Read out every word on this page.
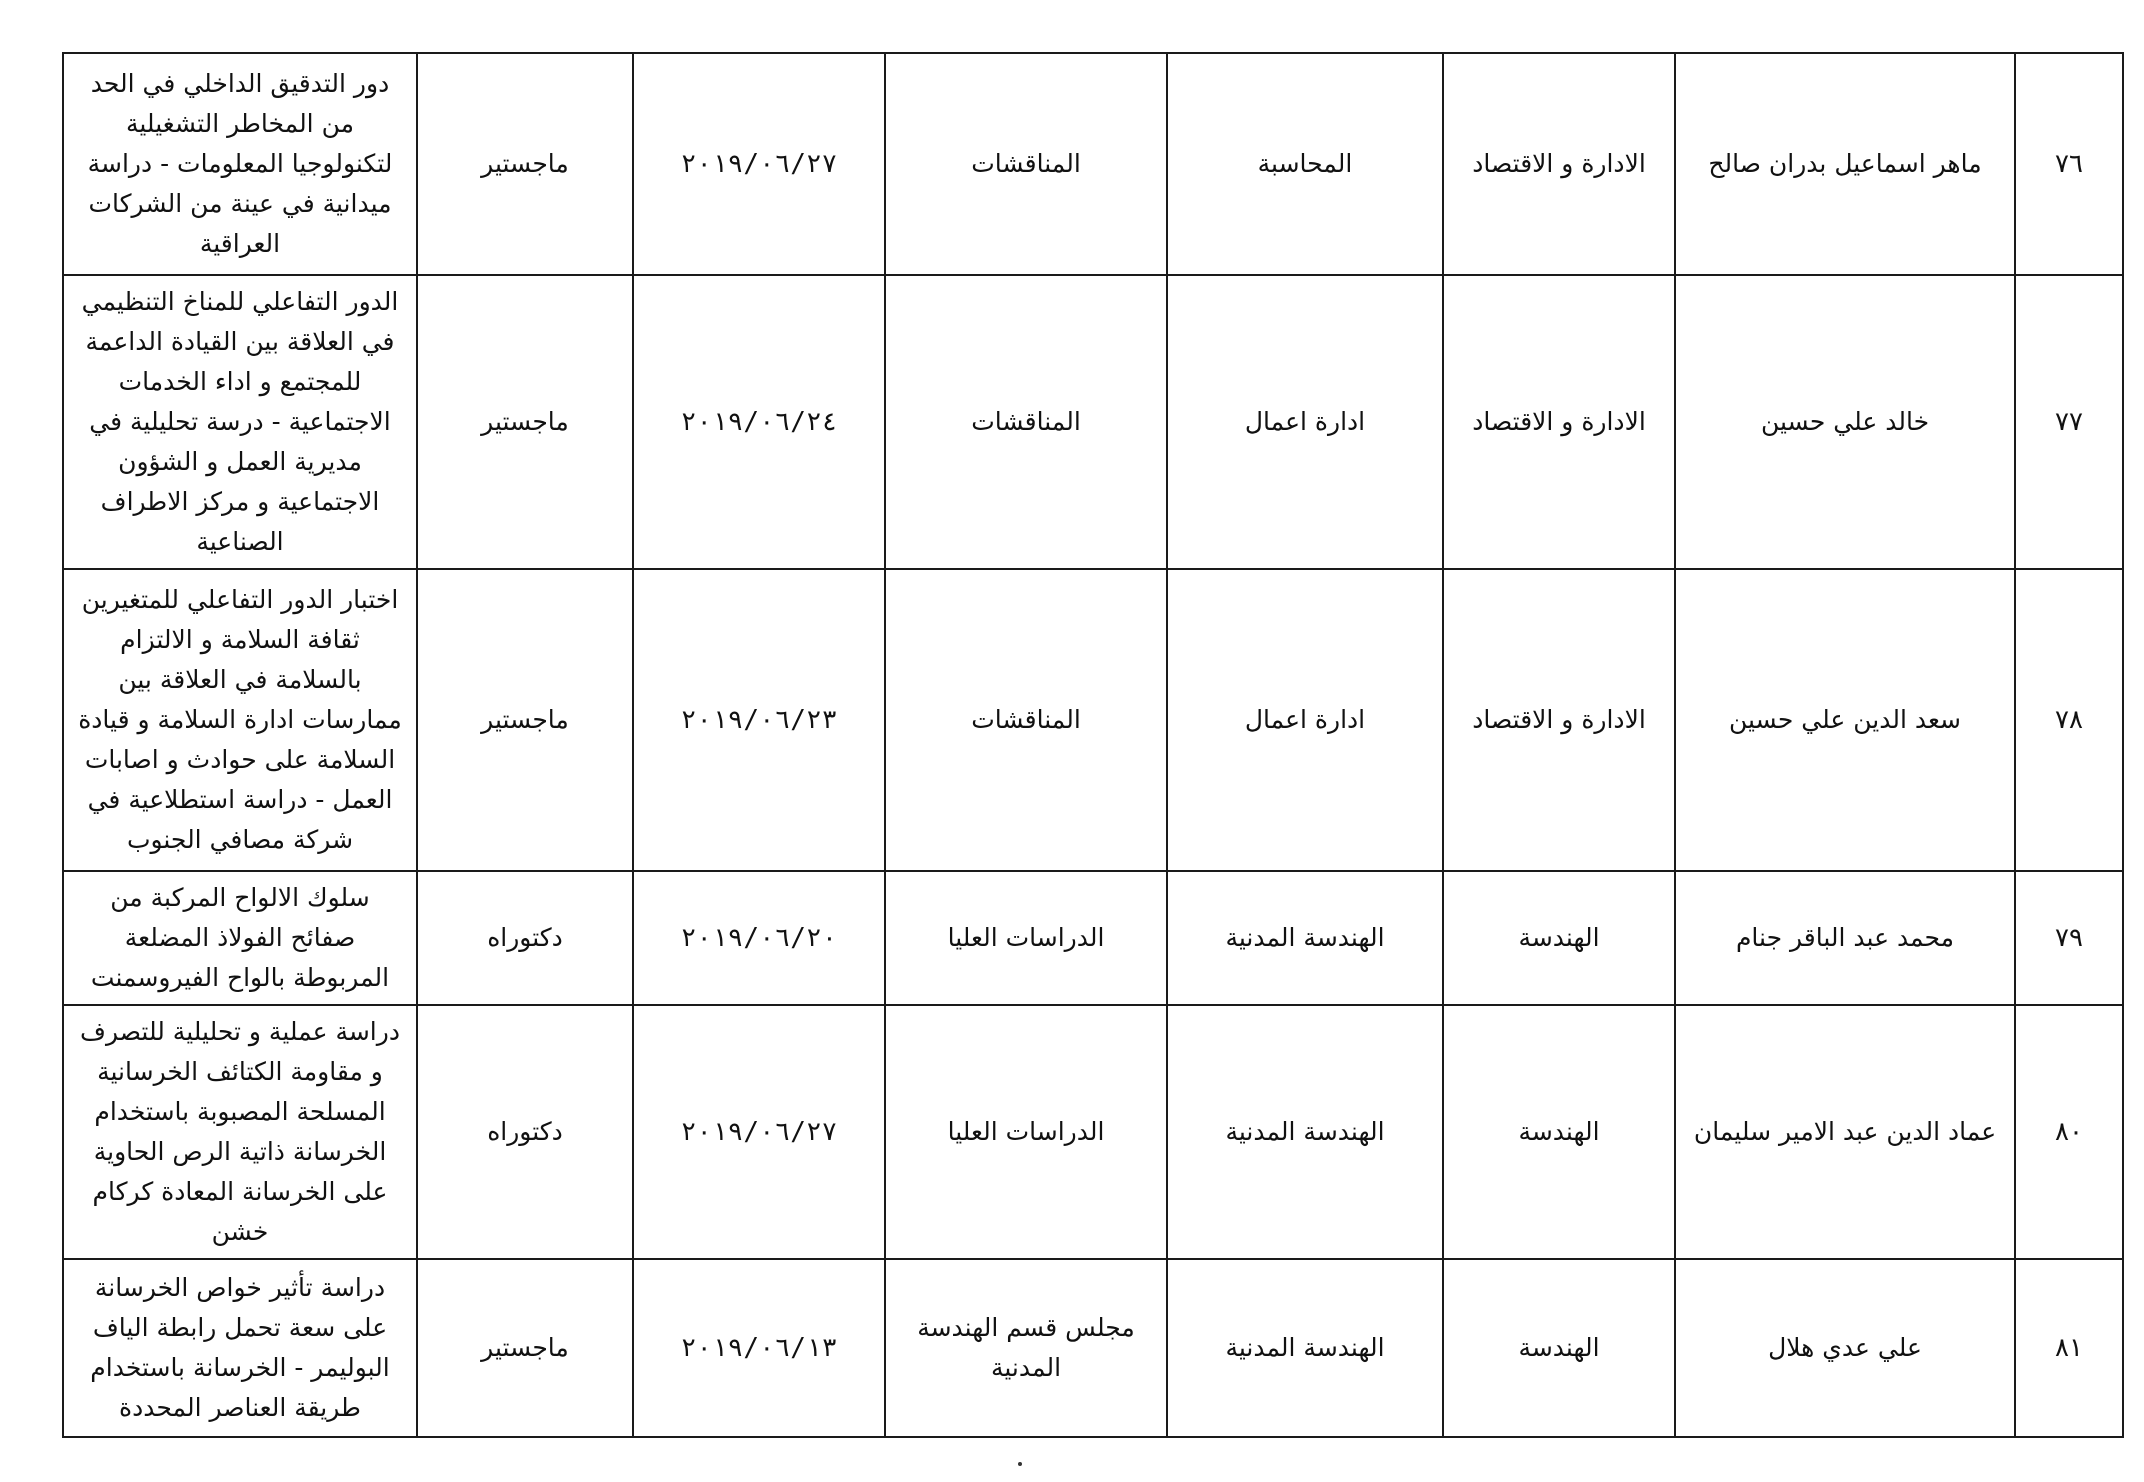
٧٦	ماهر اسماعيل بدران صالح	الادارة و الاقتصاد	المحاسبة	المناقشات	٢٠١٩/٠٦/٢٧	ماجستير	دور التدقيق الداخلي في الحد من المخاطر التشغيلية لتكنولوجيا المعلومات - دراسة ميدانية في عينة من الشركات العراقية
٧٧	خالد علي حسين	الادارة و الاقتصاد	ادارة اعمال	المناقشات	٢٠١٩/٠٦/٢٤	ماجستير	الدور التفاعلي للمناخ التنظيمي في العلاقة بين القيادة الداعمة للمجتمع و اداء الخدمات الاجتماعية - درسة تحليلية في مديرية العمل و الشؤون الاجتماعية و مركز الاطراف الصناعية
٧٨	سعد الدين علي حسين	الادارة و الاقتصاد	ادارة اعمال	المناقشات	٢٠١٩/٠٦/٢٣	ماجستير	اختبار الدور التفاعلي للمتغيرين ثقافة السلامة و الالتزام بالسلامة في العلاقة بين ممارسات ادارة السلامة و قيادة السلامة على حوادث و اصابات العمل - دراسة استطلاعية في شركة مصافي الجنوب
٧٩	محمد عبد الباقر جنام	الهندسة	الهندسة المدنية	الدراسات العليا	٢٠١٩/٠٦/٢٠	دكتوراه	سلوك الالواح المركبة من صفائح الفولاذ المضلعة المربوطة بالواح الفيروسمنت
٨٠	عماد الدين عبد الامير سليمان	الهندسة	الهندسة المدنية	الدراسات العليا	٢٠١٩/٠٦/٢٧	دكتوراه	دراسة عملية و تحليلية للتصرف و مقاومة الكتائف الخرسانية المسلحة المصبوبة باستخدام الخرسانة ذاتية الرص الحاوية على الخرسانة المعادة كركام خشن
٨١	علي عدي هلال	الهندسة	الهندسة المدنية	مجلس قسم الهندسة المدنية	٢٠١٩/٠٦/١٣	ماجستير	دراسة تأثير خواص الخرسانة على سعة تحمل رابطة الياف البوليمر - الخرسانة باستخدام طريقة العناصر المحددة
